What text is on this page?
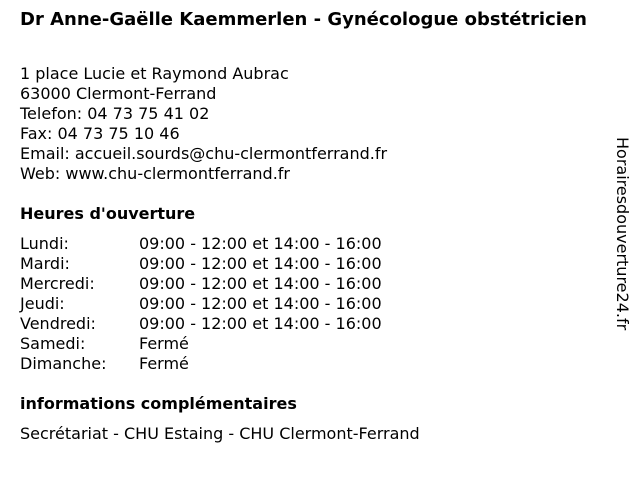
Dr Anne-Gaëlle Kaemmerlen - Gynécologue obstétricien
1 place Lucie et Raymond Aubrac
63000 Clermont-Ferrand
Telefon: 04 73 75 41 02
Fax: 04 73 75 10 46
Email: accueil.sourds@chu-clermontferrand.fr
Web: www.chu-clermontferrand.fr
Heures d'ouverture
Lundi:	09:00 - 12:00 et 14:00 - 16:00
Mardi:	09:00 - 12:00 et 14:00 - 16:00
Mercredi:	09:00 - 12:00 et 14:00 - 16:00
Jeudi:	09:00 - 12:00 et 14:00 - 16:00
Vendredi:	09:00 - 12:00 et 14:00 - 16:00
Samedi:	Fermé
Dimanche:	Fermé
informations complémentaires
Secrétariat - CHU Estaing - CHU Clermont-Ferrand
Horairesdouverture24.fr
